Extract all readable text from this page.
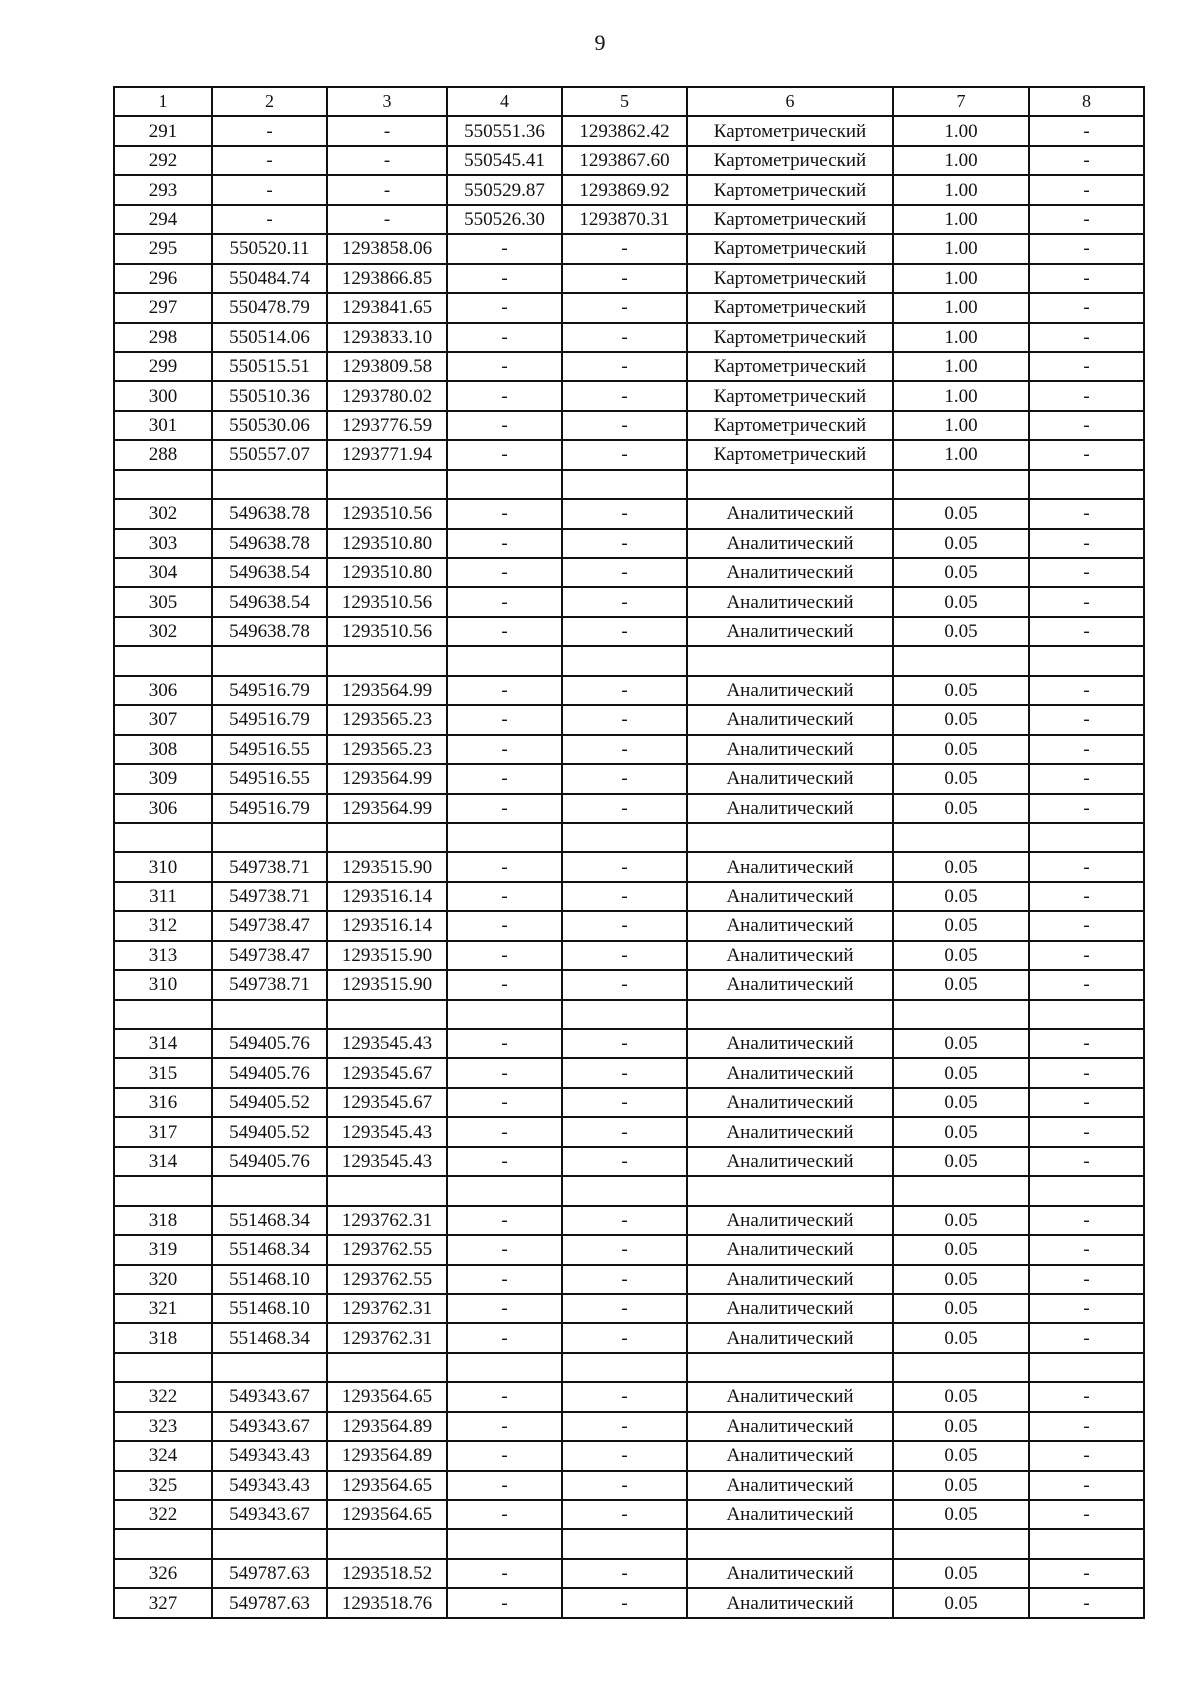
9
1	2	3	4	5	6	7	8
291	-	-	550551.36	1293862.42	Картометрический	1.00	-
292	-	-	550545.41	1293867.60	Картометрический	1.00	-
293	-	-	550529.87	1293869.92	Картометрический	1.00	-
294	-	-	550526.30	1293870.31	Картометрический	1.00	-
295	550520.11	1293858.06	-	-	Картометрический	1.00	-
296	550484.74	1293866.85	-	-	Картометрический	1.00	-
297	550478.79	1293841.65	-	-	Картометрический	1.00	-
298	550514.06	1293833.10	-	-	Картометрический	1.00	-
299	550515.51	1293809.58	-	-	Картометрический	1.00	-
300	550510.36	1293780.02	-	-	Картометрический	1.00	-
301	550530.06	1293776.59	-	-	Картометрический	1.00	-
288	550557.07	1293771.94	-	-	Картометрический	1.00	-

302	549638.78	1293510.56	-	-	Аналитический	0.05	-
303	549638.78	1293510.80	-	-	Аналитический	0.05	-
304	549638.54	1293510.80	-	-	Аналитический	0.05	-
305	549638.54	1293510.56	-	-	Аналитический	0.05	-
302	549638.78	1293510.56	-	-	Аналитический	0.05	-

306	549516.79	1293564.99	-	-	Аналитический	0.05	-
307	549516.79	1293565.23	-	-	Аналитический	0.05	-
308	549516.55	1293565.23	-	-	Аналитический	0.05	-
309	549516.55	1293564.99	-	-	Аналитический	0.05	-
306	549516.79	1293564.99	-	-	Аналитический	0.05	-

310	549738.71	1293515.90	-	-	Аналитический	0.05	-
311	549738.71	1293516.14	-	-	Аналитический	0.05	-
312	549738.47	1293516.14	-	-	Аналитический	0.05	-
313	549738.47	1293515.90	-	-	Аналитический	0.05	-
310	549738.71	1293515.90	-	-	Аналитический	0.05	-

314	549405.76	1293545.43	-	-	Аналитический	0.05	-
315	549405.76	1293545.67	-	-	Аналитический	0.05	-
316	549405.52	1293545.67	-	-	Аналитический	0.05	-
317	549405.52	1293545.43	-	-	Аналитический	0.05	-
314	549405.76	1293545.43	-	-	Аналитический	0.05	-

318	551468.34	1293762.31	-	-	Аналитический	0.05	-
319	551468.34	1293762.55	-	-	Аналитический	0.05	-
320	551468.10	1293762.55	-	-	Аналитический	0.05	-
321	551468.10	1293762.31	-	-	Аналитический	0.05	-
318	551468.34	1293762.31	-	-	Аналитический	0.05	-

322	549343.67	1293564.65	-	-	Аналитический	0.05	-
323	549343.67	1293564.89	-	-	Аналитический	0.05	-
324	549343.43	1293564.89	-	-	Аналитический	0.05	-
325	549343.43	1293564.65	-	-	Аналитический	0.05	-
322	549343.67	1293564.65	-	-	Аналитический	0.05	-

326	549787.63	1293518.52	-	-	Аналитический	0.05	-
327	549787.63	1293518.76	-	-	Аналитический	0.05	-
